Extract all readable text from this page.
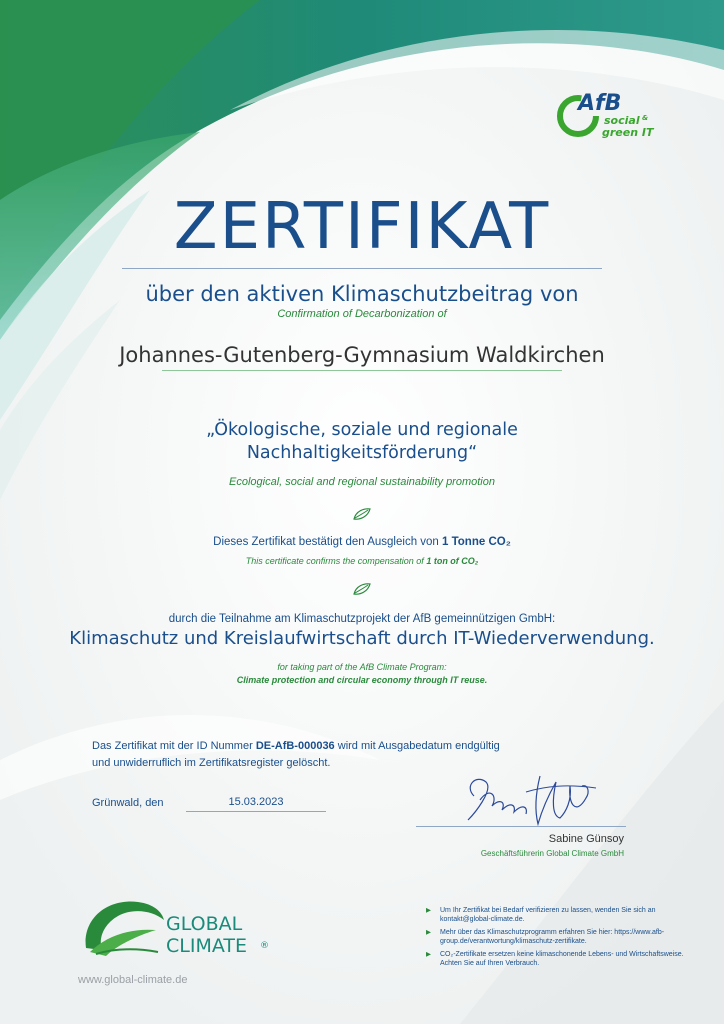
AfB
social &
green IT
ZERTIFIKAT
über den aktiven Klimaschutzbeitrag von
Confirmation of Decarbonization of
Johannes-Gutenberg-Gymnasium Waldkirchen
„Ökologische, soziale und regionale
Nachhaltigkeitsförderung“
Ecological, social and regional sustainability promotion
Dieses Zertifikat bestätigt den Ausgleich von 1 Tonne CO₂
This certificate confirms the compensation of 1 ton of CO₂
durch die Teilnahme am Klimaschutzprojekt der AfB gemeinnützigen GmbH:
Klimaschutz und Kreislaufwirtschaft durch IT-Wiederverwendung.
for taking part of the AfB Climate Program:
Climate protection and circular economy through IT reuse.
Das Zertifikat mit der ID Nummer DE-AfB-000036 wird mit Ausgabedatum endgültig
und unwiderruflich im Zertifikatsregister gelöscht.
Grünwald, den	15.03.2023
Sabine Günsoy
Geschäftsführerin Global Climate GmbH
GLOBAL
CLIMATE ®
www.global-climate.de
▶ Um Ihr Zertifikat bei Bedarf verifizieren zu lassen, wenden Sie sich an kontakt@global-climate.de.
▶ Mehr über das Klimaschutzprogramm erfahren Sie hier: https://www.afb-group.de/verantwortung/klimaschutz-zertifikate.
▶ CO₂-Zertifikate ersetzen keine klimaschonende Lebens- und Wirtschaftsweise. Achten Sie auf Ihren Verbrauch.
